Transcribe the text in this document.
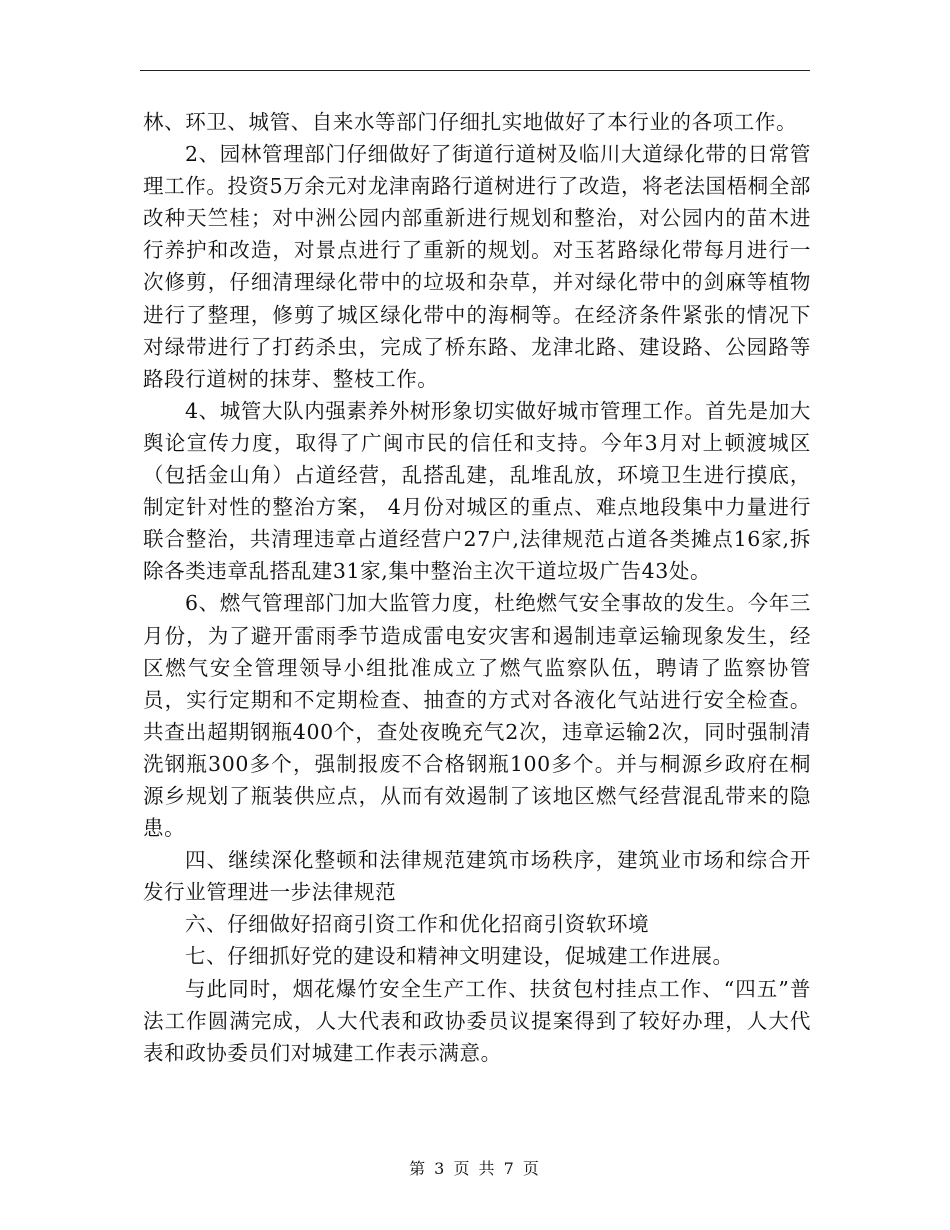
林、环卫、城管、自来水等部门仔细扎实地做好了本行业的各项工作。

2、园林管理部门仔细做好了街道行道树及临川大道绿化带的日常管理工作。投资5万余元对龙津南路行道树进行了改造，将老法国梧桐全部改种天竺桂；对中洲公园内部重新进行规划和整治，对公园内的苗木进行养护和改造，对景点进行了重新的规划。对玉茗路绿化带每月进行一次修剪，仔细清理绿化带中的垃圾和杂草，并对绿化带中的剑麻等植物进行了整理，修剪了城区绿化带中的海桐等。在经济条件紧张的情况下对绿带进行了打药杀虫，完成了桥东路、龙津北路、建设路、公园路等路段行道树的抹芽、整枝工作。

4、城管大队内强素养外树形象切实做好城市管理工作。首先是加大舆论宣传力度，取得了广闽市民的信任和支持。今年3月对上顿渡城区（包括金山角）占道经营，乱搭乱建，乱堆乱放，环境卫生进行摸底，制定针对性的整治方案， 4月份对城区的重点、难点地段集中力量进行联合整治，共清理违章占道经营户27户,法律规范占道各类摊点16家,拆除各类违章乱搭乱建31家,集中整治主次干道垃圾广告43处。

6、燃气管理部门加大监管力度，杜绝燃气安全事故的发生。今年三月份，为了避开雷雨季节造成雷电安灾害和遏制违章运输现象发生，经区燃气安全管理领导小组批准成立了燃气监察队伍，聘请了监察协管员，实行定期和不定期检查、抽查的方式对各液化气站进行安全检查。共查出超期钢瓶400个，查处夜晚充气2次，违章运输2次，同时强制清洗钢瓶300多个，强制报废不合格钢瓶100多个。并与桐源乡政府在桐源乡规划了瓶装供应点，从而有效遏制了该地区燃气经营混乱带来的隐患。

四、继续深化整顿和法律规范建筑市场秩序，建筑业市场和综合开发行业管理进一步法律规范

六、仔细做好招商引资工作和优化招商引资软环境

七、仔细抓好党的建设和精神文明建设，促城建工作进展。

与此同时，烟花爆竹安全生产工作、扶贫包村挂点工作、“四五”普法工作圆满完成，人大代表和政协委员议提案得到了较好办理，人大代表和政协委员们对城建工作表示满意。

第 3 页 共 7 页
